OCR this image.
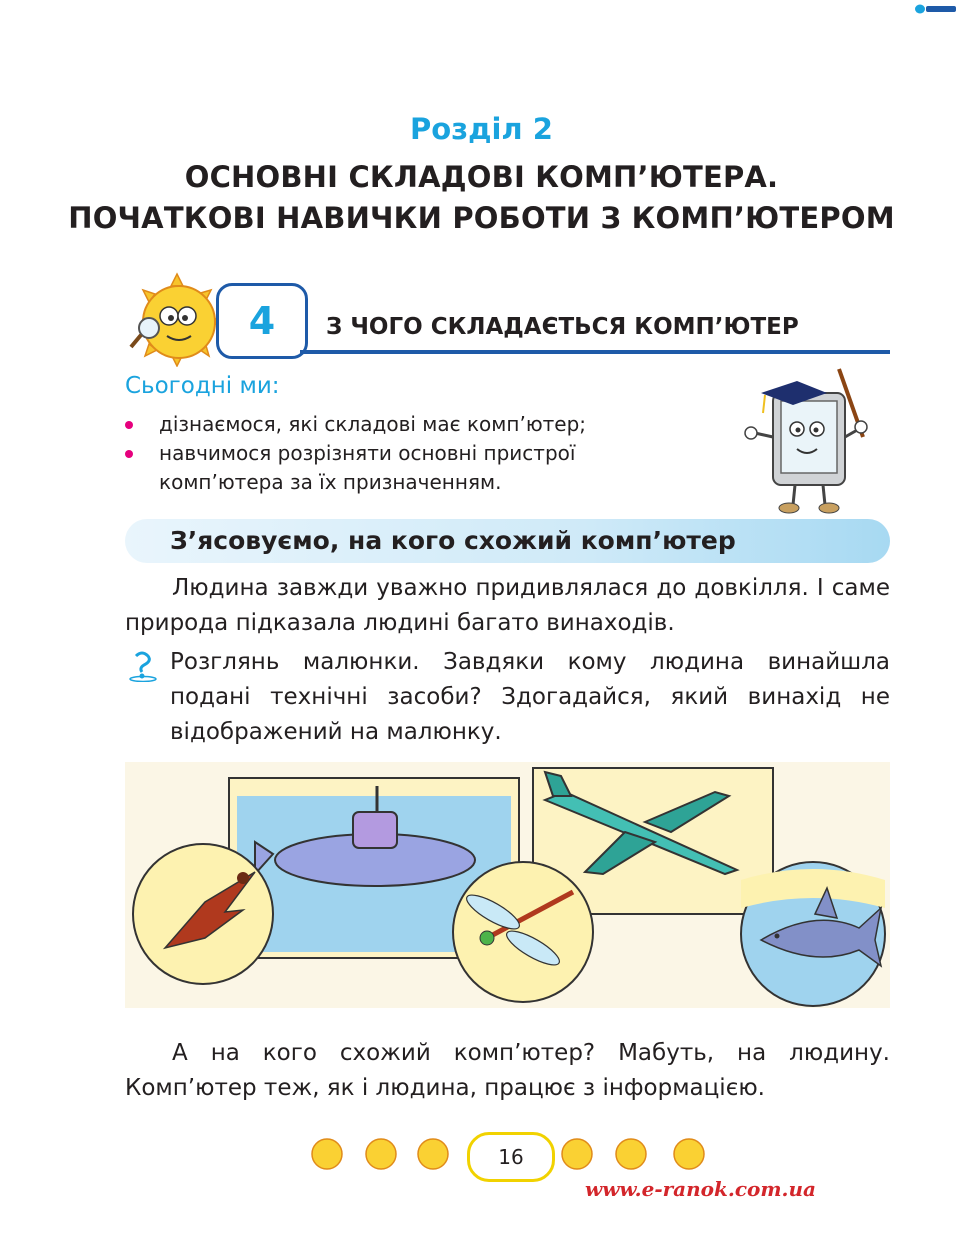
Розділ 2
ОСНОВНІ СКЛАДОВІ КОМП’ЮТЕРА.
ПОЧАТКОВІ НАВИЧКИ РОБОТИ З КОМП’ЮТЕРОМ
4	З ЧОГО СКЛАДАЄТЬСЯ КОМП’ЮТЕР
Сьогодні ми:
дізнаємося, які складові має комп’ютер;
навчимося розрізняти основні пристрої комп’ютера за їх призначенням.
З’ясовуємо, на кого схожий комп’ютер
Людина завжди уважно придивлялася до довкілля. І саме природа підказала людині багато винаходів.
Розглянь малюнки. Завдяки кому людина винайшла подані технічні засоби? Здогадайся, який винахід не відображений на малюнку.
А на кого схожий комп’ютер? Мабуть, на людину. Комп’ютер теж, як і людина, працює з інформацією.
16
www.e-ranok.com.ua
